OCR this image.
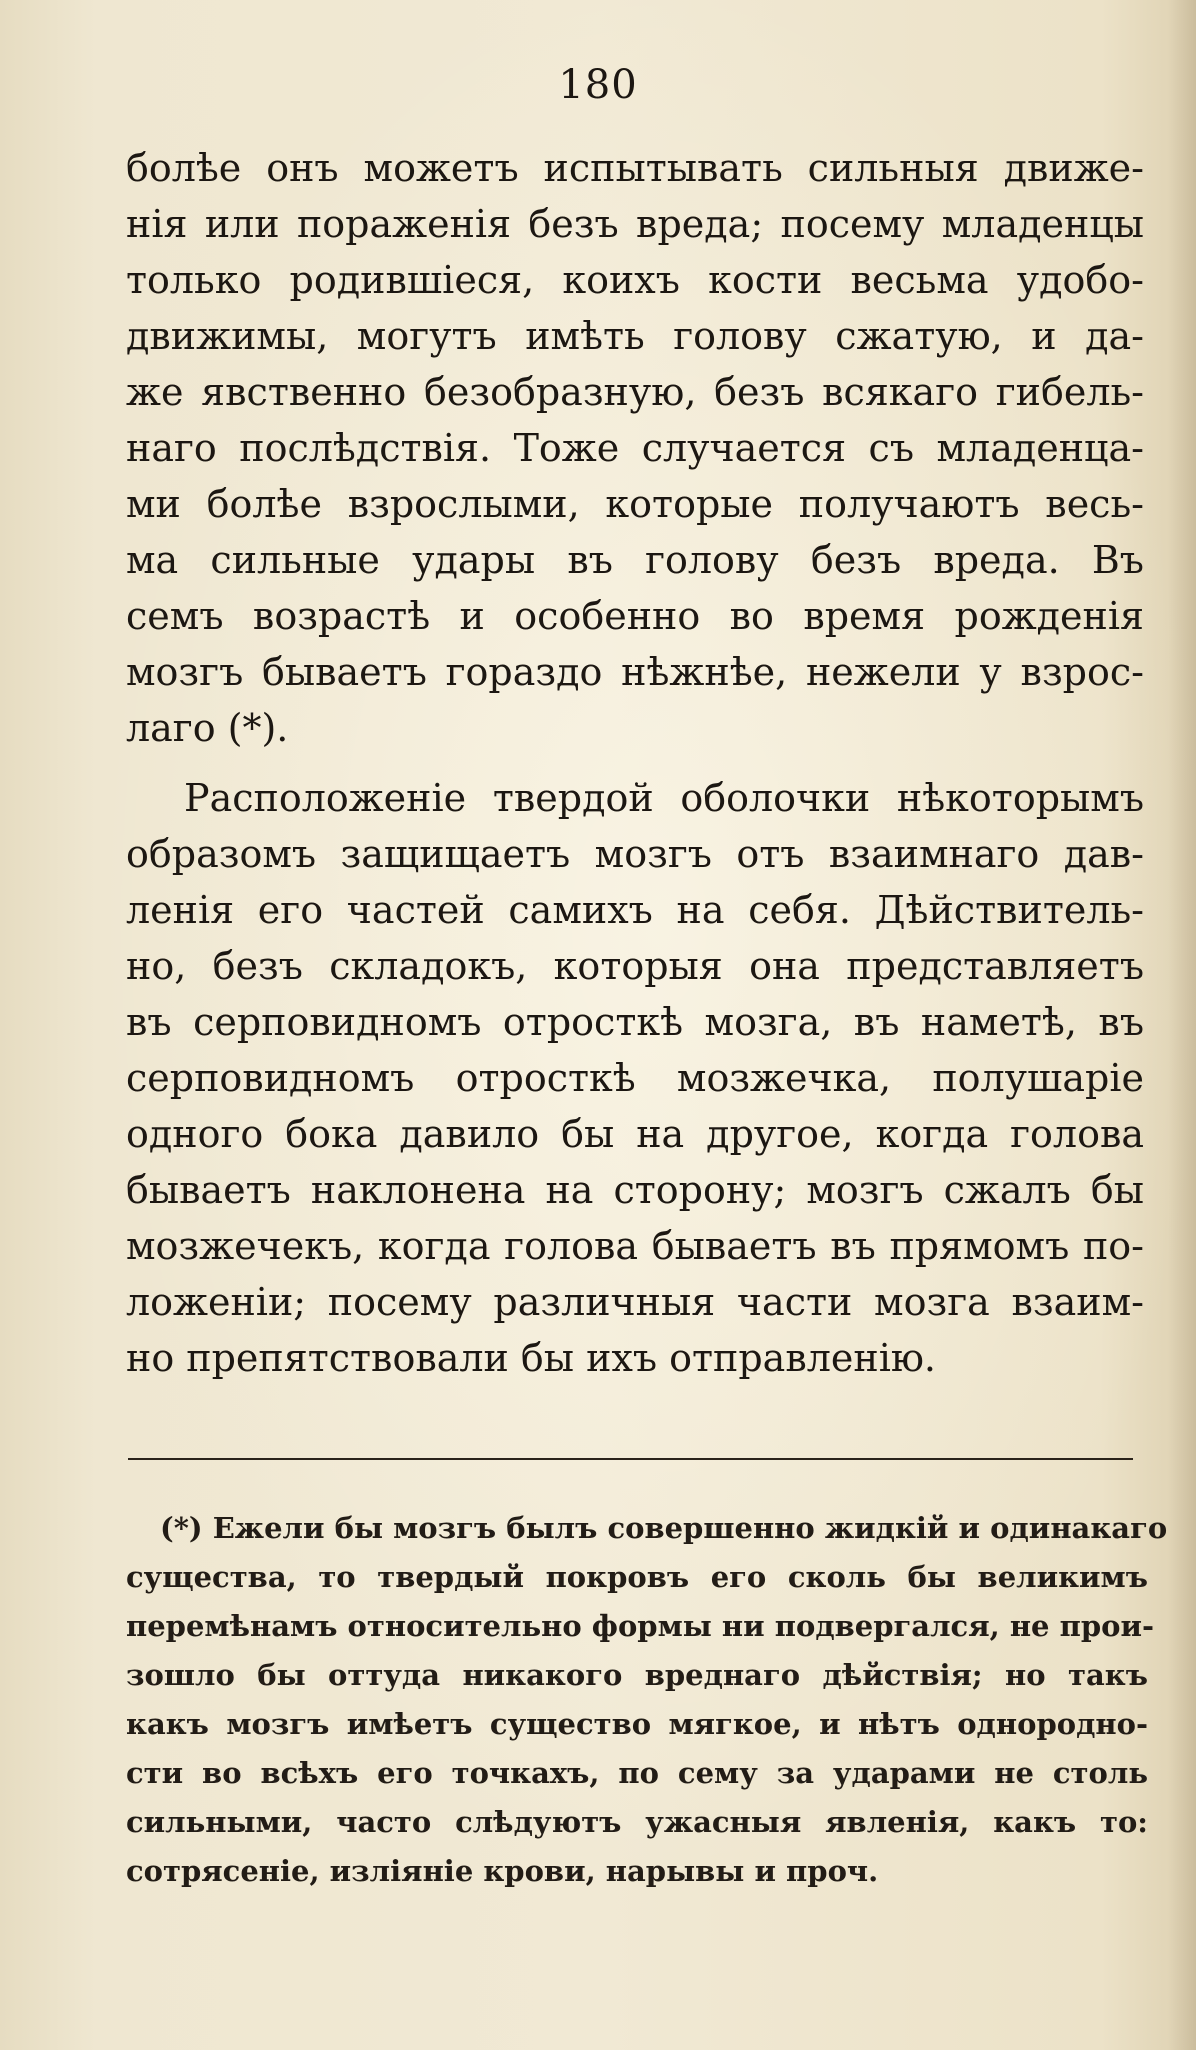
180
болѣе онъ можетъ испытывать сильныя движе-
нія или пораженія безъ вреда; посему младенцы
только родившіеся, коихъ кости весьма удобо-
движимы, могутъ имѣть голову сжатую, и да-
же явственно безобразную, безъ всякаго гибель-
наго послѣдствія. Тоже случается съ младенца-
ми болѣе взрослыми, которые получаютъ весь-
ма сильные удары въ голову безъ вреда. Въ
семъ возрастѣ и особенно во время рожденія
мозгъ бываетъ гораздо нѣжнѣе, нежели у взрос-
лаго (*).
Расположеніе твердой оболочки нѣкоторымъ
образомъ защищаетъ мозгъ отъ взаимнаго дав-
ленія его частей самихъ на себя. Дѣйствитель-
но, безъ складокъ, которыя она представляетъ
въ серповидномъ отросткѣ мозга, въ наметѣ, въ
серповидномъ отросткѣ мозжечка, полушаріе
одного бока давило бы на другое, когда голова
бываетъ наклонена на сторону; мозгъ сжалъ бы
мозжечекъ, когда голова бываетъ въ прямомъ по-
ложеніи; посему различныя части мозга взаим-
но препятствовали бы ихъ отправленію.
(*) Ежели бы мозгъ былъ совершенно жидкій и одинакаго
существа, то твердый покровъ его сколь бы великимъ
перемѣнамъ относительно формы ни подвергался, не прои-
зошло бы оттуда никакого вреднаго дѣйствія; но такъ
какъ мозгъ имѣетъ существо мягкое, и нѣтъ однородно-
сти во всѣхъ его точкахъ, по сему за ударами не столь
сильными, часто слѣдуютъ ужасныя явленія, какъ то:
сотрясеніе, изліяніе крови, нарывы и проч.
